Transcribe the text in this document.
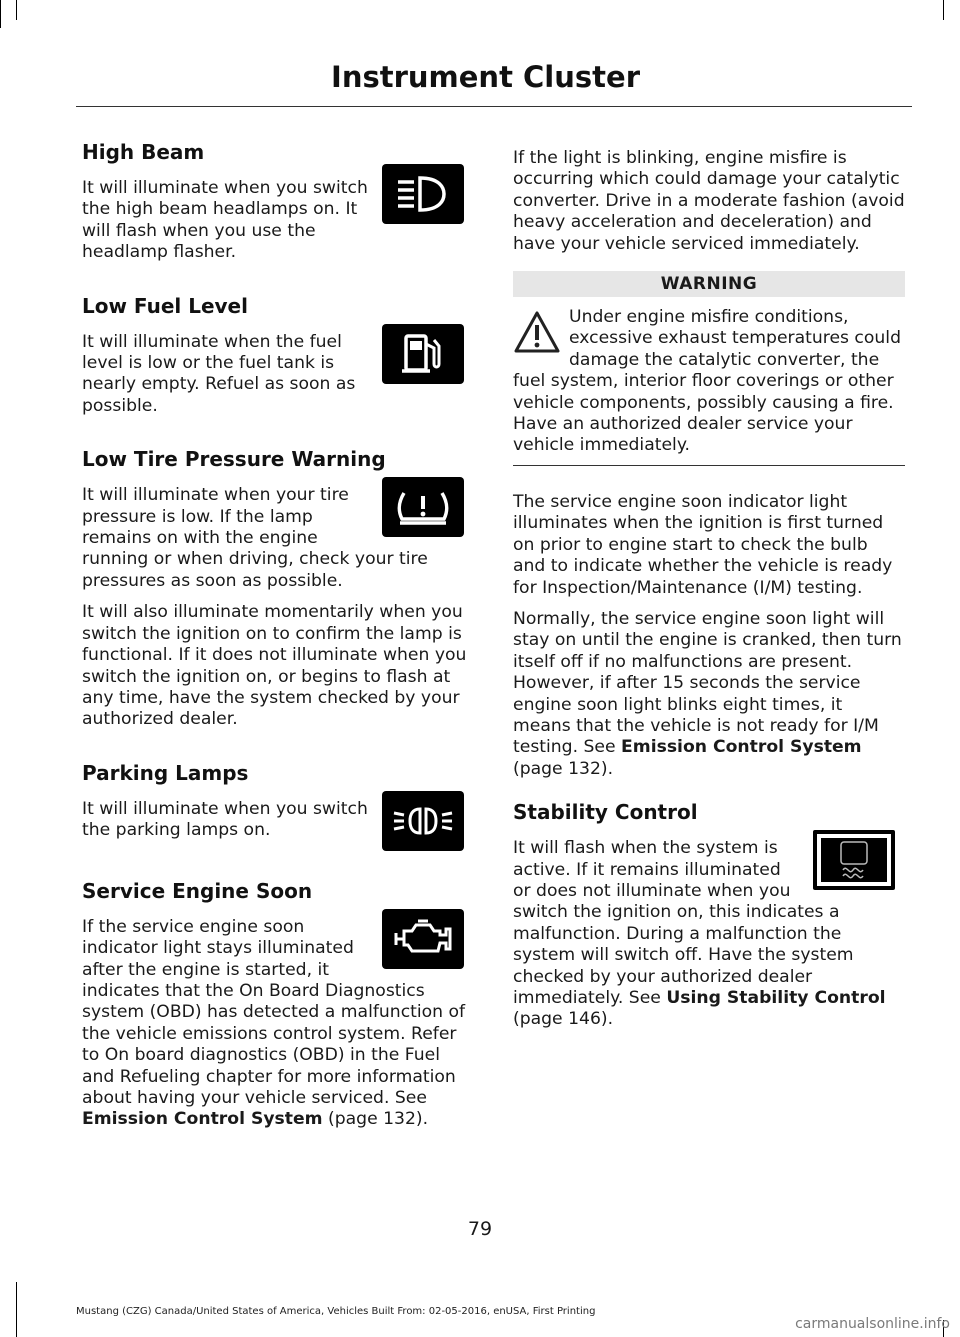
Instrument Cluster
High Beam

It will illuminate when you switch the high beam headlamps on. It will flash when you use the headlamp flasher.

Low Fuel Level

It will illuminate when the fuel level is low or the fuel tank is nearly empty. Refuel as soon as possible.

Low Tire Pressure Warning

It will illuminate when your tire pressure is low. If the lamp remains on with the engine running or when driving, check your tire pressures as soon as possible.

It will also illuminate momentarily when you switch the ignition on to confirm the lamp is functional. If it does not illuminate when you switch the ignition on, or begins to flash at any time, have the system checked by your authorized dealer.

Parking Lamps

It will illuminate when you switch the parking lamps on.

Service Engine Soon

If the service engine soon indicator light stays illuminated after the engine is started, it indicates that the On Board Diagnostics system (OBD) has detected a malfunction of the vehicle emissions control system. Refer to On board diagnostics (OBD) in the Fuel and Refueling chapter for more information about having your vehicle serviced. See Emission Control System (page 132).

If the light is blinking, engine misfire is occurring which could damage your catalytic converter. Drive in a moderate fashion (avoid heavy acceleration and deceleration) and have your vehicle serviced immediately.

WARNING

Under engine misfire conditions, excessive exhaust temperatures could damage the catalytic converter, the fuel system, interior floor coverings or other vehicle components, possibly causing a fire. Have an authorized dealer service your vehicle immediately.

The service engine soon indicator light illuminates when the ignition is first turned on prior to engine start to check the bulb and to indicate whether the vehicle is ready for Inspection/Maintenance (I/M) testing.

Normally, the service engine soon light will stay on until the engine is cranked, then turn itself off if no malfunctions are present. However, if after 15 seconds the service engine soon light blinks eight times, it means that the vehicle is not ready for I/M testing. See Emission Control System (page 132).

Stability Control

It will flash when the system is active. If it remains illuminated or does not illuminate when you switch the ignition on, this indicates a malfunction. During a malfunction the system will switch off. Have the system checked by your authorized dealer immediately. See Using Stability Control (page 146).

79
Mustang (CZG) Canada/United States of America, Vehicles Built From: 02-05-2016, enUSA, First Printing
carmanualsonline.info
